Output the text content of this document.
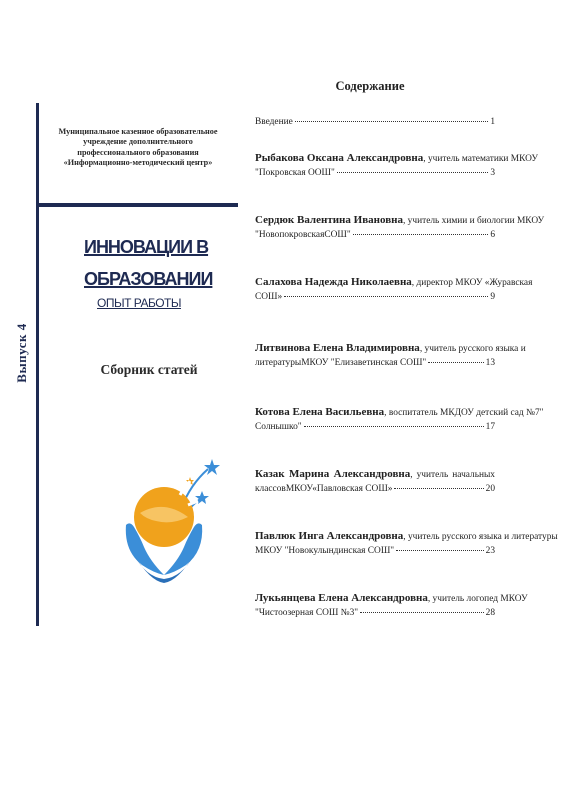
Выпуск 4
Муниципальное казенное образовательное учреждение дополнительного профессионального образования «Информационно-методический центр»
ИННОВАЦИИ В
ОБРАЗОВАНИИ
ОПЫТ РАБОТЫ
Сборник статей
Содержание
Введение	1
Рыбакова Оксана Александровна, учитель математики МКОУ
"Покровская ООШ"	3
Сердюк Валентина Ивановна, учитель химии и биологии МКОУ
"НовопокровскаяСОШ"	6
Салахова Надежда Николаевна, директор МКОУ «Журавская
СОШ»	9
Литвинова Елена Владимировна, учитель русского языка и
литературыМКОУ "Елизаветинская СОШ"	13
Котова Елена Васильевна, воспитатель МКДОУ детский сад №7"
Солнышко"	17
Казак Марина Александровна, учитель начальных
классовМКОУ«Павловская СОШ»	20
Павлюк Инга Александровна, учитель русского языка и литературы
МКОУ "Новокулындинская СОШ"	23
Лукьянцева Елена Александровна, учитель логопед МКОУ
"Чистоозерная СОШ №3"	28
